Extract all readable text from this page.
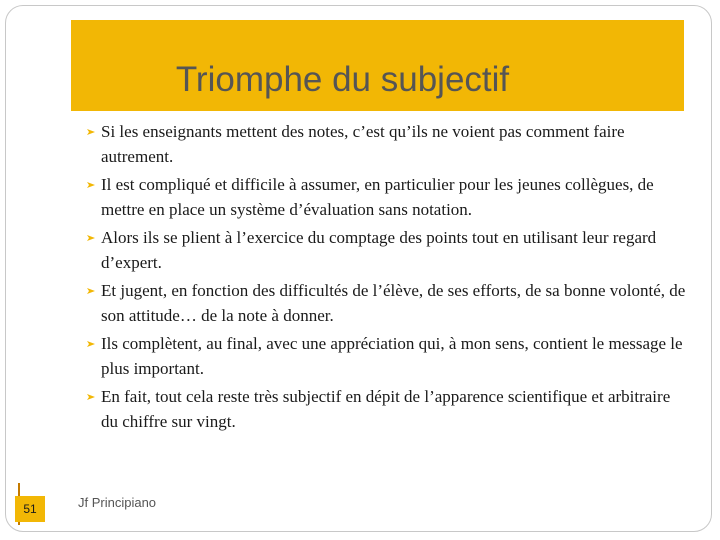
Triomphe du subjectif
Si les enseignants mettent des notes, c’est qu’ils ne voient pas comment faire autrement.
Il est compliqué et difficile à assumer, en particulier pour les jeunes collègues, de mettre en place un système d’évaluation sans notation.
Alors ils se plient à l’exercice du comptage des points tout en utilisant leur regard d’expert.
Et jugent, en fonction des difficultés de l’élève, de ses efforts, de sa bonne volonté, de son attitude… de la note à donner.
Ils complètent, au final, avec une appréciation qui, à mon sens, contient le message le plus important.
En fait, tout cela reste très subjectif en dépit de l’apparence scientifique et arbitraire du chiffre sur vingt.
51	Jf Principiano
